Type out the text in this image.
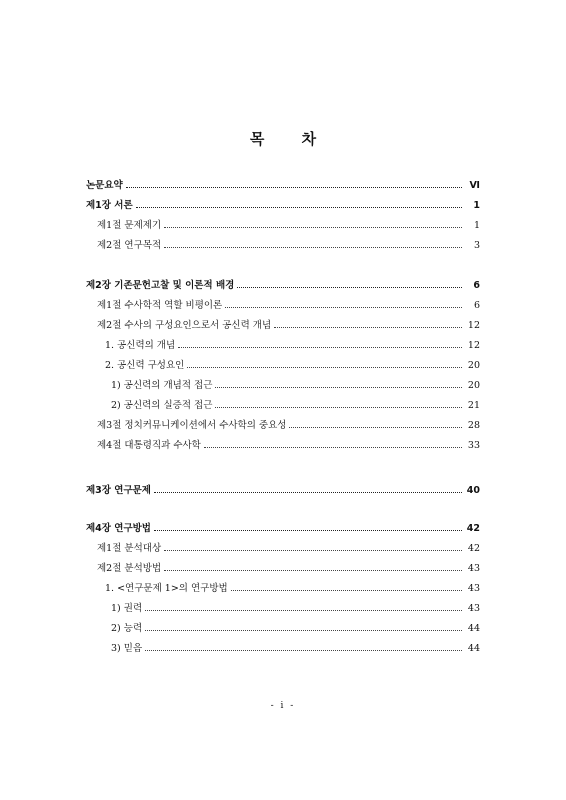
목 차
논문요약	Ⅵ
제1장 서론	1
제1절 문제제기	1
제2절 연구목적	3
제2장 기존문헌고찰 및 이론적 배경	6
제1절 수사학적 역할 비평이론	6
제2절 수사의 구성요인으로서 공신력 개념	12
1. 공신력의 개념	12
2. 공신력 구성요인	20
1) 공신력의 개념적 접근	20
2) 공신력의 실증적 접근	21
제3절 정치커뮤니케이션에서 수사학의 중요성	28
제4절 대통령직과 수사학	33
제3장 연구문제	40
제4장 연구방법	42
제1절 분석대상	42
제2절 분석방법	43
1. <연구문제 1>의 연구방법	43
1) 권력	43
2) 능력	44
3) 믿음	44
- i -
